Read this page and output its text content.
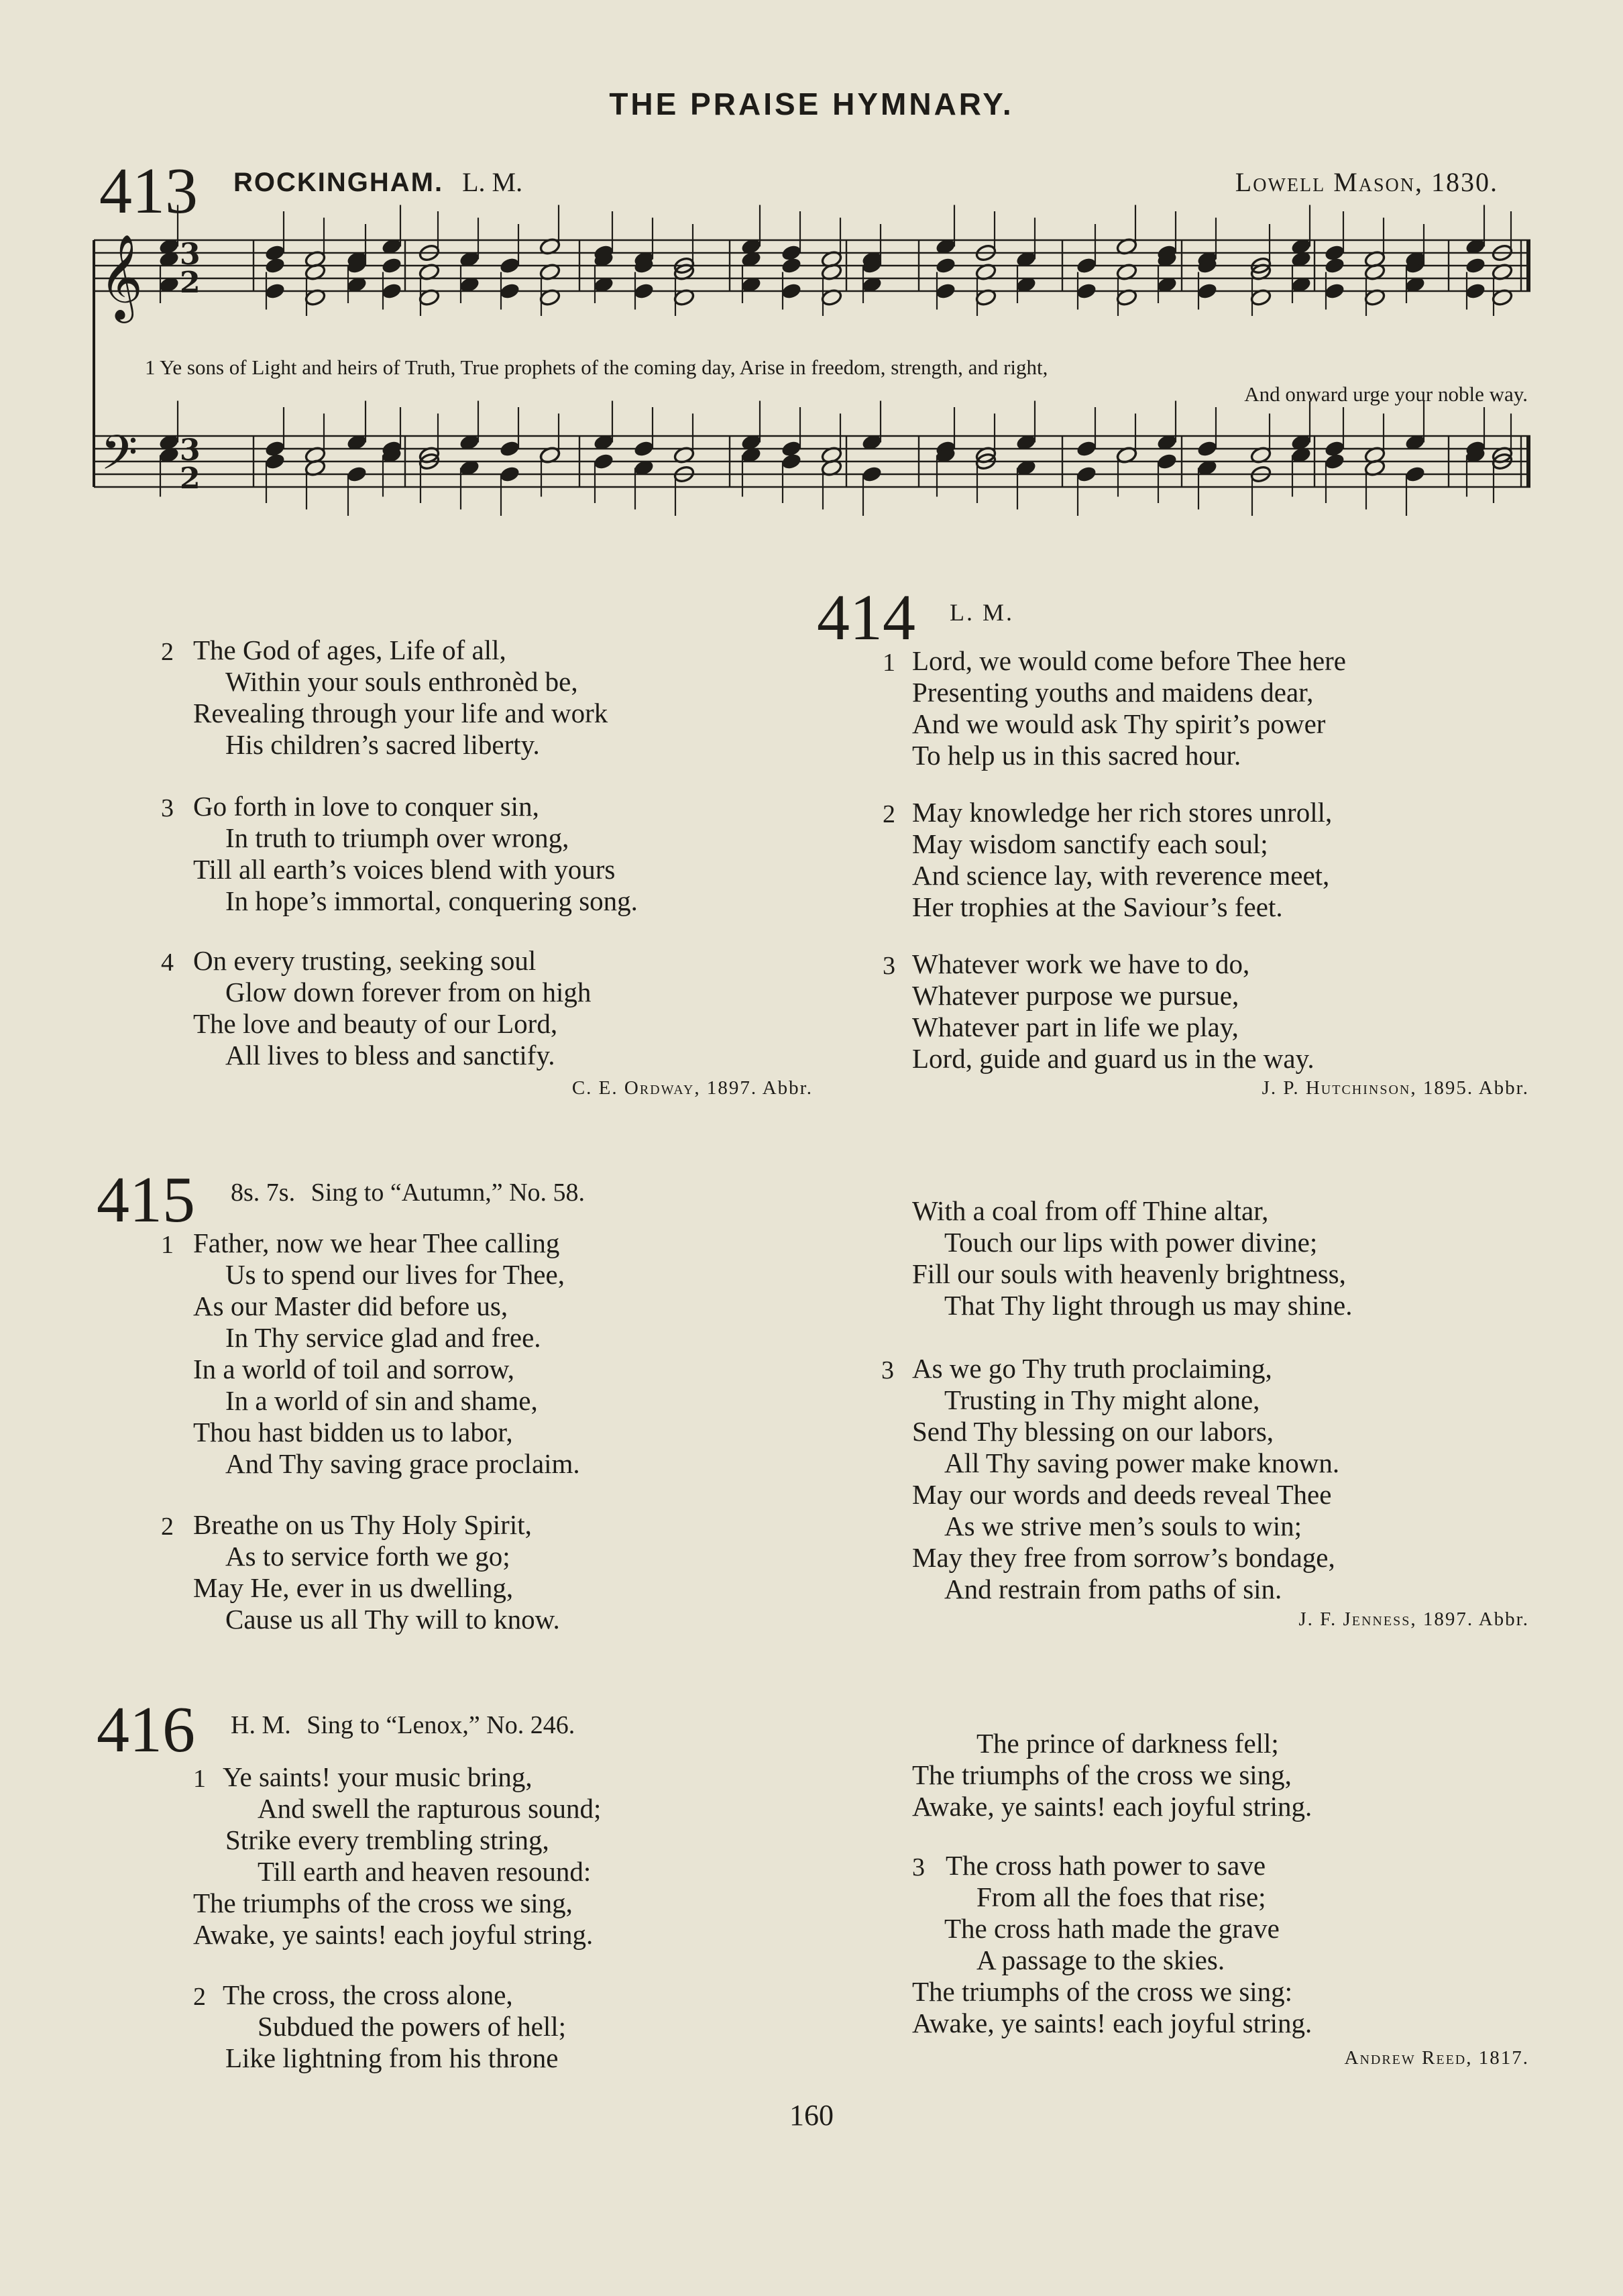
THE PRAISE HYMNARY.
413 ROCKINGHAM. L. M.	Lowell Mason, 1830.
𝄞
𝄢
3
2
3
2
1 Ye sons of Light and heirs of Truth, True prophets of the coming day, Arise in freedom, strength, and right,
And onward urge your noble way.
2 The God of ages, Life of all,
Within your souls enthronèd be,
Revealing through your life and work
His children’s sacred liberty.
3 Go forth in love to conquer sin,
In truth to triumph over wrong,
Till all earth’s voices blend with yours
In hope’s immortal, conquering song.
4 On every trusting, seeking soul
Glow down forever from on high
The love and beauty of our Lord,
All lives to bless and sanctify.
C. E. Ordway, 1897. Abbr.
414 L. M.
1 Lord, we would come before Thee here
Presenting youths and maidens dear,
And we would ask Thy spirit’s power
To help us in this sacred hour.
2 May knowledge her rich stores unroll,
May wisdom sanctify each soul;
And science lay, with reverence meet,
Her trophies at the Saviour’s feet.
3 Whatever work we have to do,
Whatever purpose we pursue,
Whatever part in life we play,
Lord, guide and guard us in the way.
J. P. Hutchinson, 1895. Abbr.
415 8s. 7s. Sing to “Autumn,” No. 58.
1 Father, now we hear Thee calling
Us to spend our lives for Thee,
As our Master did before us,
In Thy service glad and free.
In a world of toil and sorrow,
In a world of sin and shame,
Thou hast bidden us to labor,
And Thy saving grace proclaim.
2 Breathe on us Thy Holy Spirit,
As to service forth we go;
May He, ever in us dwelling,
Cause us all Thy will to know.
With a coal from off Thine altar,
Touch our lips with power divine;
Fill our souls with heavenly brightness,
That Thy light through us may shine.
3 As we go Thy truth proclaiming,
Trusting in Thy might alone,
Send Thy blessing on our labors,
All Thy saving power make known.
May our words and deeds reveal Thee
As we strive men’s souls to win;
May they free from sorrow’s bondage,
And restrain from paths of sin.
J. F. Jenness, 1897. Abbr.
416 H. M. Sing to “Lenox,” No. 246.
1 Ye saints! your music bring,
And swell the rapturous sound;
Strike every trembling string,
Till earth and heaven resound:
The triumphs of the cross we sing,
Awake, ye saints! each joyful string.
2 The cross, the cross alone,
Subdued the powers of hell;
Like lightning from his throne
The prince of darkness fell;
The triumphs of the cross we sing,
Awake, ye saints! each joyful string.
3 The cross hath power to save
From all the foes that rise;
The cross hath made the grave
A passage to the skies.
The triumphs of the cross we sing:
Awake, ye saints! each joyful string.
Andrew Reed, 1817.
160
